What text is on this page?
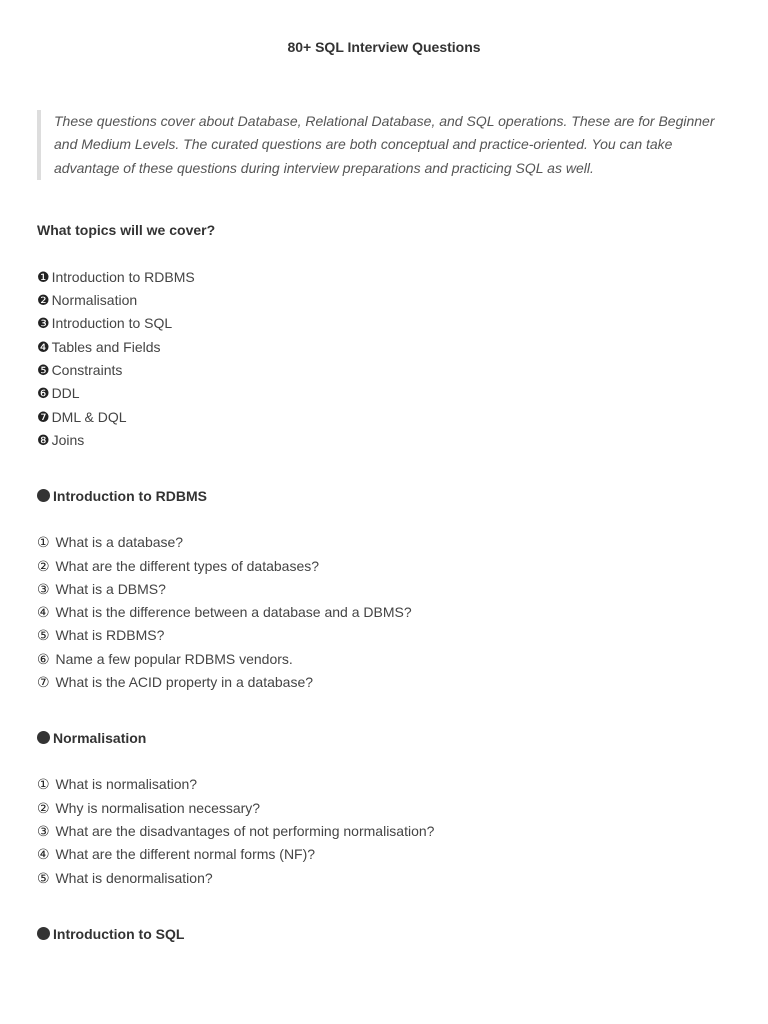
80+ SQL Interview Questions

These questions cover about Database, Relational Database, and SQL operations. These are for Beginner and Medium Levels. The curated questions are both conceptual and practice-oriented. You can take advantage of these questions during interview preparations and practicing SQL as well.

What topics will we cover?

❶ Introduction to RDBMS
❷ Normalisation
❸ Introduction to SQL
❹ Tables and Fields
❺ Constraints
❻ DDL
❼ DML & DQL
❽ Joins

Introduction to RDBMS

① What is a database?
② What are the different types of databases?
③ What is a DBMS?
④ What is the difference between a database and a DBMS?
⑤ What is RDBMS?
⑥ Name a few popular RDBMS vendors.
⑦ What is the ACID property in a database?

Normalisation

① What is normalisation?
② Why is normalisation necessary?
③ What are the disadvantages of not performing normalisation?
④ What are the different normal forms (NF)?
⑤ What is denormalisation?

Introduction to SQL
